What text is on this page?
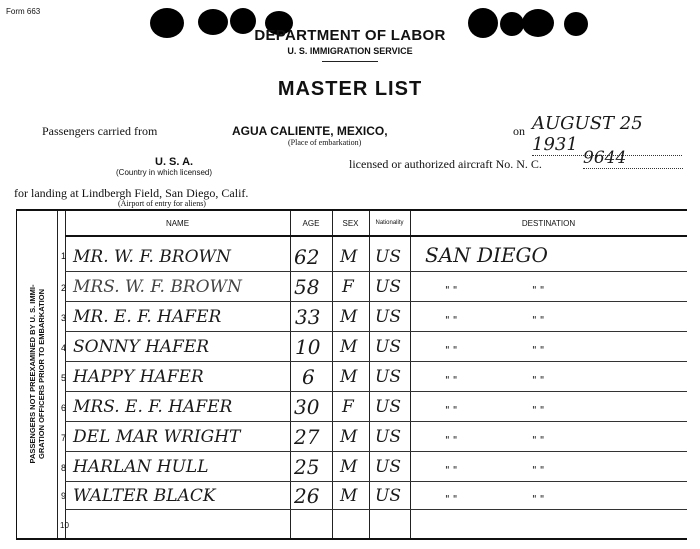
Form 663
DEPARTMENT OF LABOR
U. S. IMMIGRATION SERVICE
MASTER LIST
Passengers carried from	AGUA CALIENTE, MEXICO,
(Place of embarkation)
on AUGUST 25 1931
U. S. A.
(Country in which licensed)
licensed or authorized aircraft No. N. C. 9644
for landing at Lindbergh Field, San Diego, Calif.
(Airport of entry for aliens)
PASSENGERS NOT PREEXAMINED BY U. S. IMMI- GRATION OFFICERS PRIOR TO EMBARKATION
NAME	AGE	SEX	Nationality	DESTINATION
1 MR. W. F. BROWN	62 M US SAN DIEGO
2 MRS. W. F. BROWN	58 F US	" "	" "
3 MR. E. F. HAFER	33 M US	" "	" "
4 SONNY HAFER	10 M US	" "	" "
5 HAPPY HAFER	6 M US	" "	" "
6 MRS. E. F. HAFER	30 F US	" "	" "
7 DEL MAR WRIGHT	27 M US	" "	" "
8 HARLAN HULL	25 M US	" "	" "
9 WALTER BLACK	26 M US	" "	" "
10
